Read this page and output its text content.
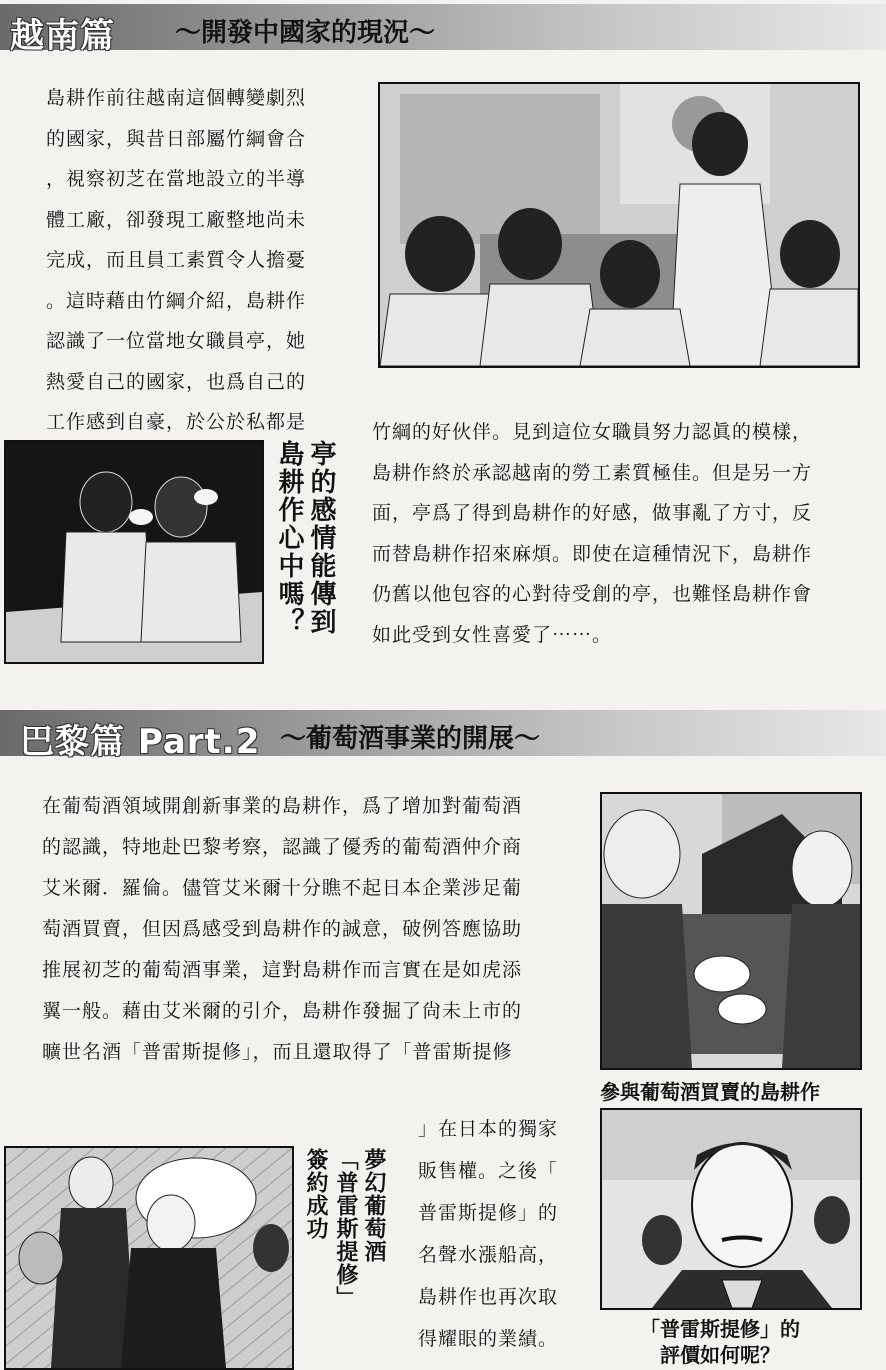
越南篇 ～開發中國家的現況～
島耕作前往越南這個轉變劇烈
的國家，與昔日部屬竹綱會合
，視察初芝在當地設立的半導
體工廠，卻發現工廠整地尚未
完成，而且員工素質令人擔憂
。這時藉由竹綱介紹，島耕作
認識了一位當地女職員亭，她
熱愛自己的國家，也爲自己的
工作感到自豪，於公於私都是	竹綱的好伙伴。見到這位女職員努力認眞的模樣，
島耕作終於承認越南的勞工素質極佳。但是另一方
面，亭爲了得到島耕作的好感，做事亂了方寸，反
而替島耕作招來麻煩。即使在這種情況下，島耕作
仍舊以他包容的心對待受創的亭，也難怪島耕作會
如此受到女性喜愛了⋯⋯。
亭的感情能傳到
島耕作心中嗎？
巴黎篇 Part.2 ～葡萄酒事業的開展～
在葡萄酒領域開創新事業的島耕作，爲了增加對葡萄酒
的認識，特地赴巴黎考察，認識了優秀的葡萄酒仲介商
艾米爾．羅倫。儘管艾米爾十分瞧不起日本企業涉足葡
萄酒買賣，但因爲感受到島耕作的誠意，破例答應協助
推展初芝的葡萄酒事業，這對島耕作而言實在是如虎添
翼一般。藉由艾米爾的引介，島耕作發掘了尙未上市的
曠世名酒「普雷斯提修」，而且還取得了「普雷斯提修
」在日本的獨家
販售權。之後「
普雷斯提修」的
名聲水漲船高，
島耕作也再次取
得耀眼的業績。
參與葡萄酒買賣的島耕作
「普雷斯提修」的
評價如何呢？
夢幻葡萄酒
「普雷斯提修」
簽約成功
